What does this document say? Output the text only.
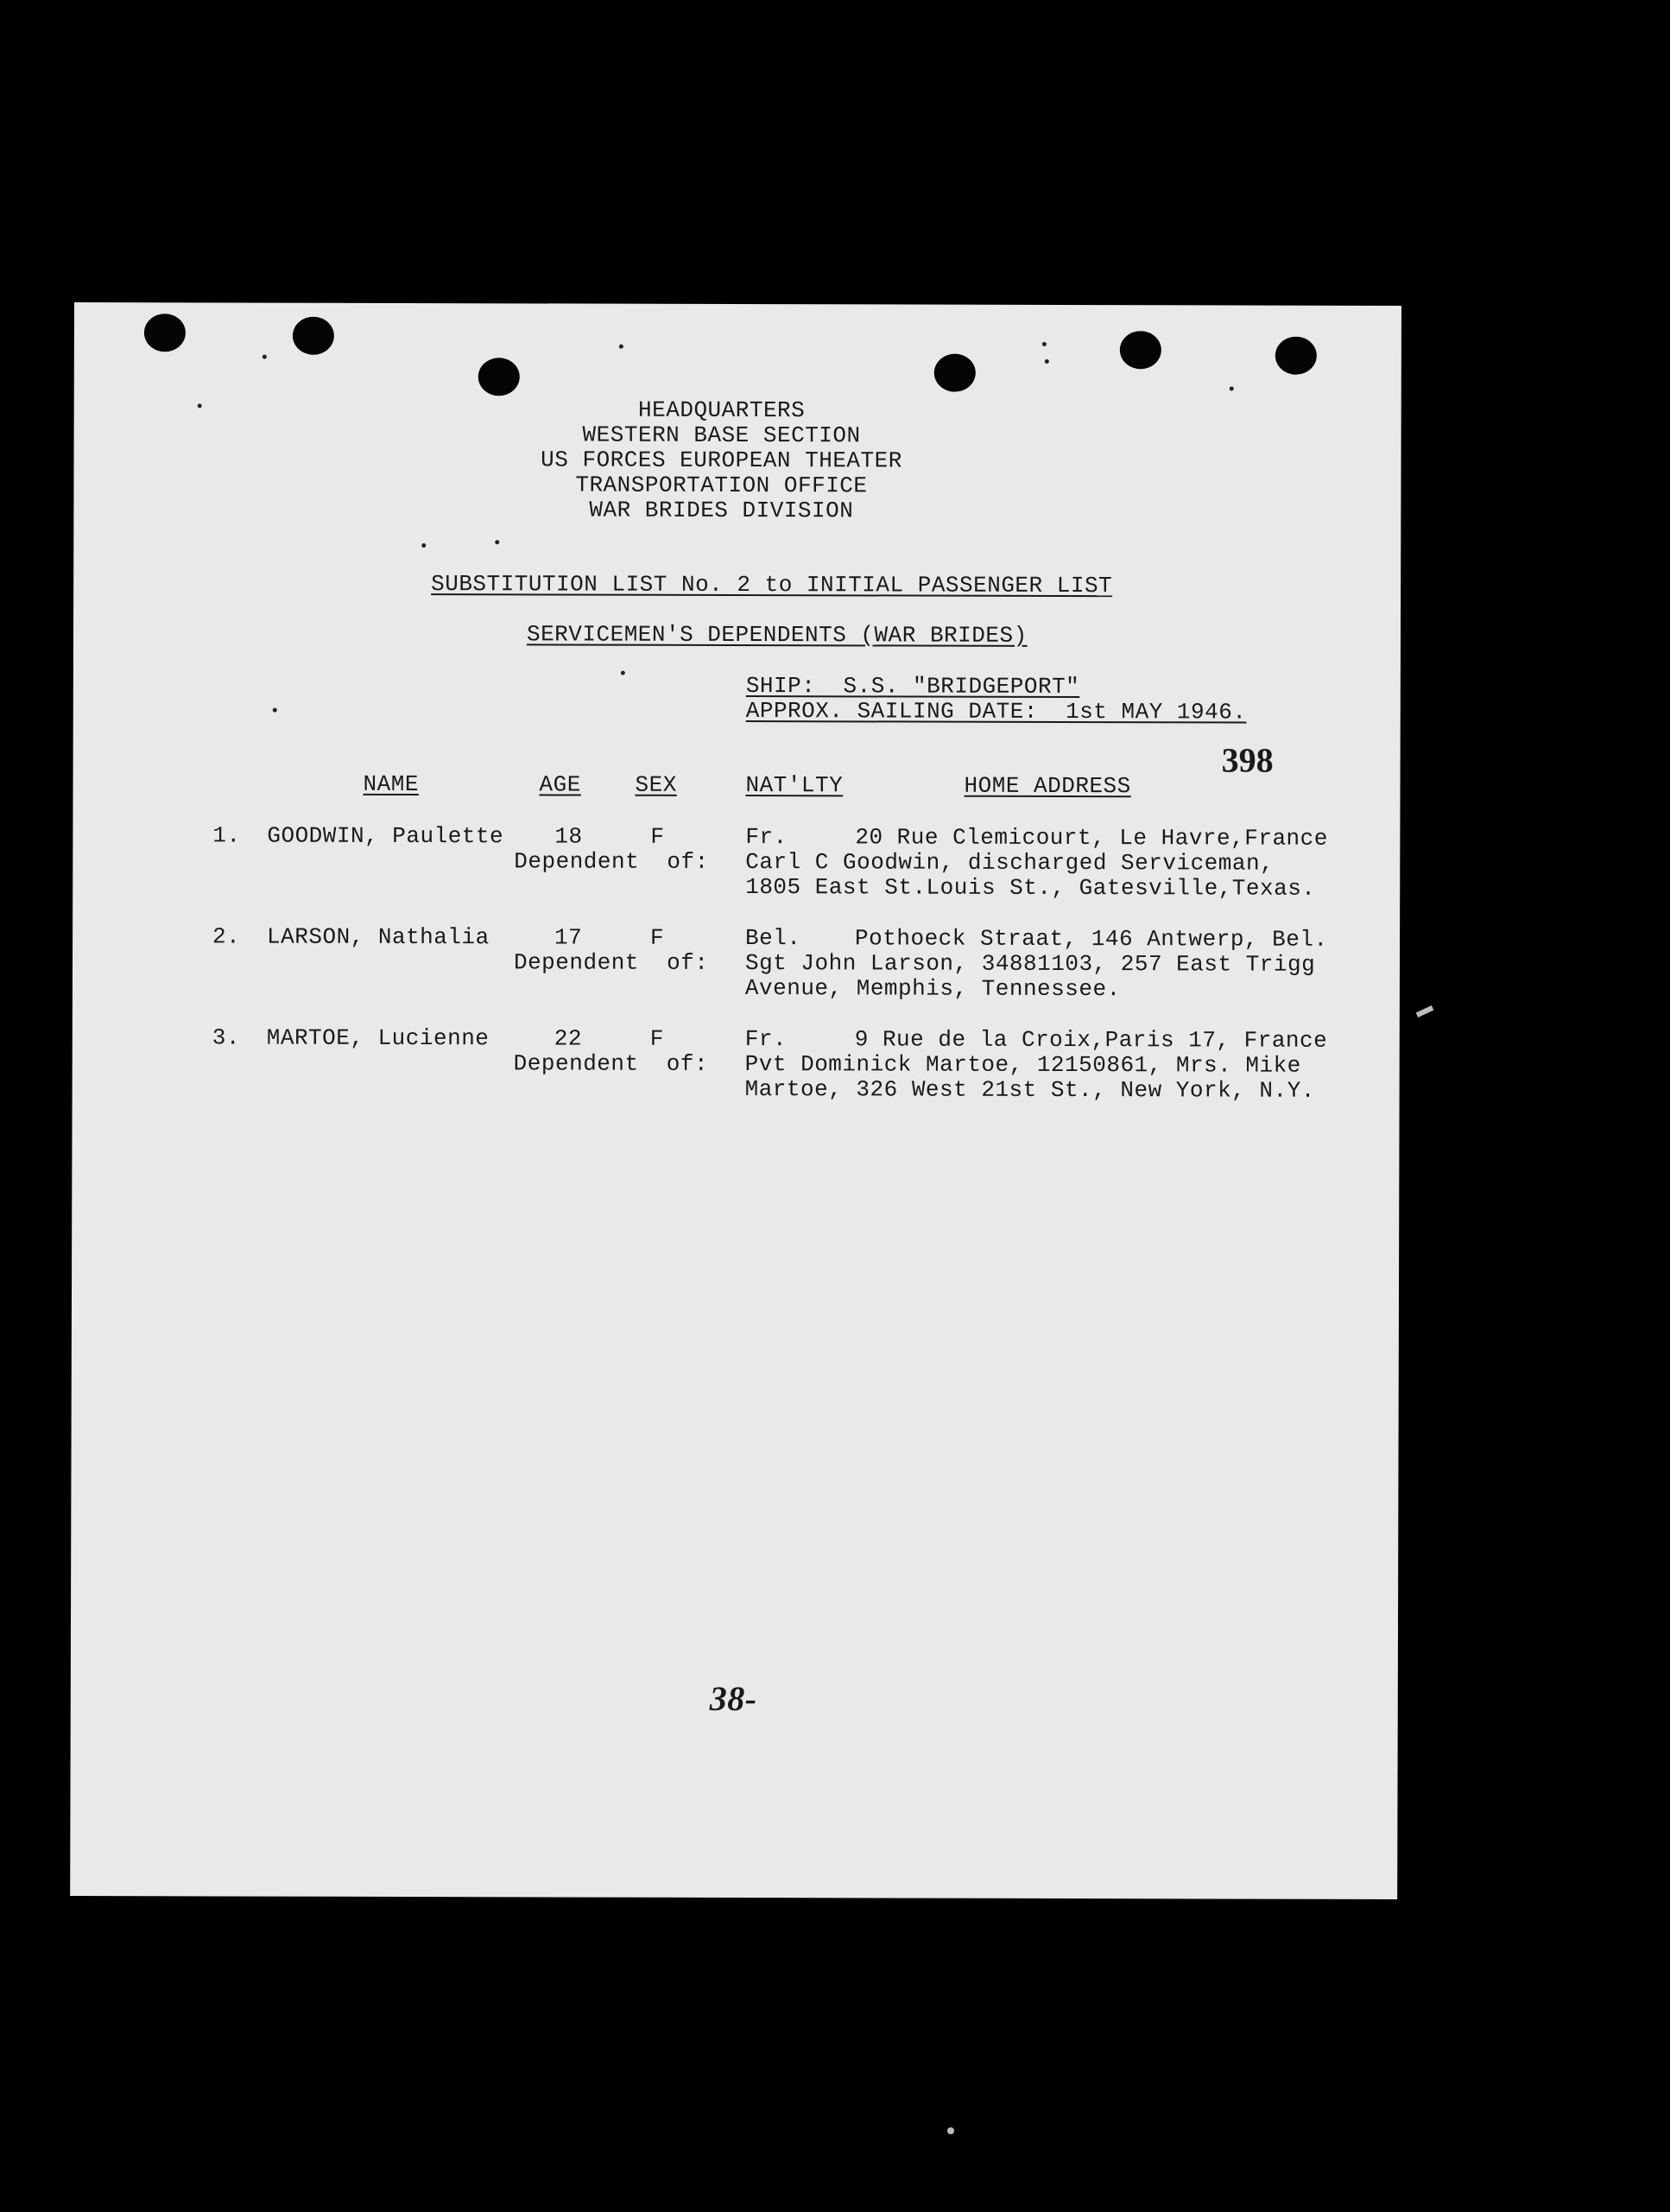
HEADQUARTERS
WESTERN BASE SECTION
US FORCES EUROPEAN THEATER
TRANSPORTATION OFFICE
WAR BRIDES DIVISION
SUBSTITUTION LIST No. 2 to INITIAL PASSENGER LIST
SERVICEMEN'S DEPENDENTS (WAR BRIDES)
SHIP:  S.S. "BRIDGEPORT"
APPROX. SAILING DATE:  1st MAY 1946.
398
NAME	AGE SEX	NAT'LTY	HOME ADDRESS
1. GOODWIN, Paulette 18	F
Dependent  of:
Fr.	20 Rue Clemicourt, Le Havre,France
Carl C Goodwin, discharged Serviceman,
1805 East St.Louis St., Gatesville,Texas.
2. LARSON, Nathalia	17	F
Dependent  of:
Bel. Pothoeck Straat, 146 Antwerp, Bel.
Sgt John Larson, 34881103, 257 East Trigg
Avenue, Memphis, Tennessee.
3. MARTOE, Lucienne	22	F
Dependent  of:
Fr.	9 Rue de la Croix,Paris 17, France
Pvt Dominick Martoe, 12150861, Mrs. Mike
Martoe, 326 West 21st St., New York, N.Y.
38-
